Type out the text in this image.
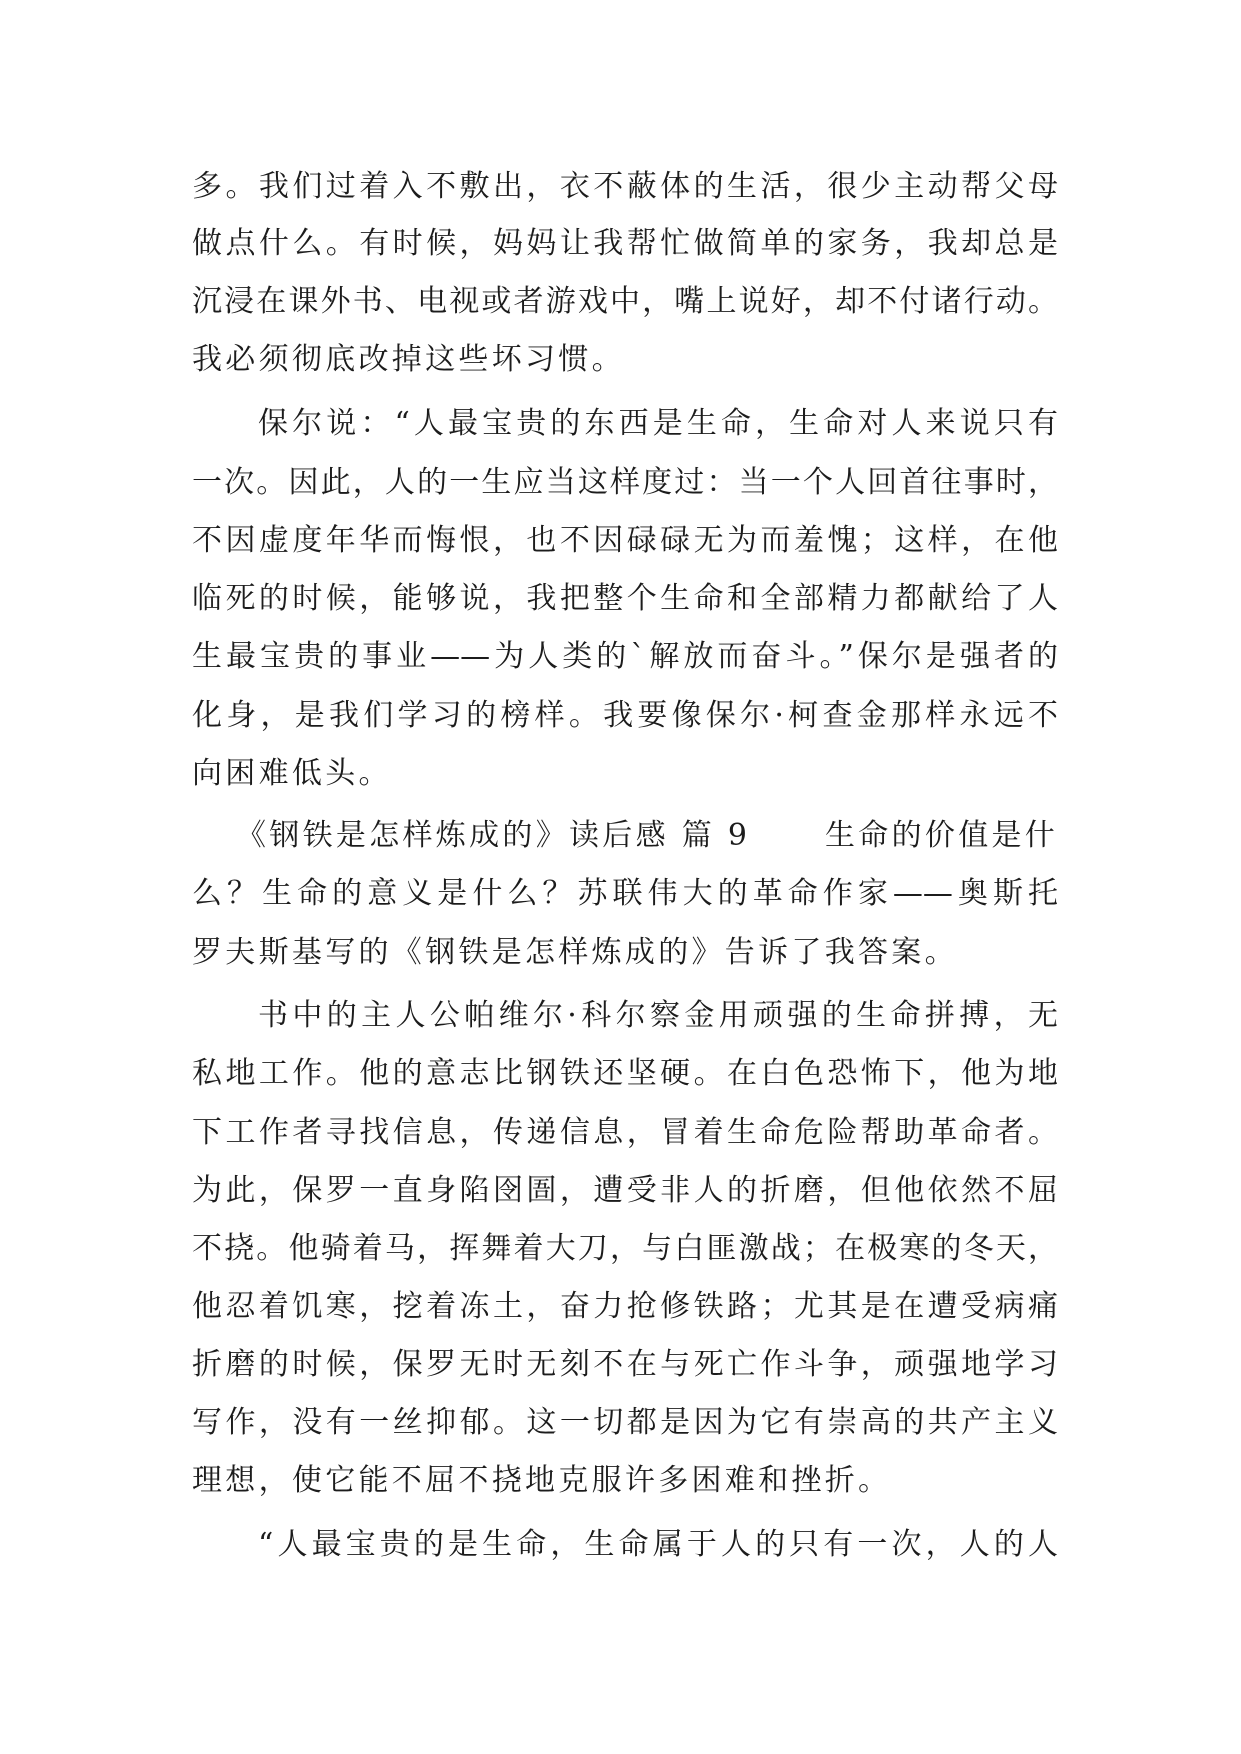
多。我们过着入不敷出，衣不蔽体的生活，很少主动帮父母
做点什么。有时候，妈妈让我帮忙做简单的家务，我却总是
沉浸在课外书、电视或者游戏中，嘴上说好，却不付诸行动。
我必须彻底改掉这些坏习惯。
保尔说：“人最宝贵的东西是生命，生命对人来说只有
一次。因此，人的一生应当这样度过：当一个人回首往事时，
不因虚度年华而悔恨，也不因碌碌无为而羞愧；这样，在他
临死的时候，能够说，我把整个生命和全部精力都献给了人
生最宝贵的事业——为人类的`解放而奋斗。”保尔是强者的
化身，是我们学习的榜样。我要像保尔·柯查金那样永远不
向困难低头。
《钢铁是怎样炼成的》读后感 篇 9	生命的价值是什
么？生命的意义是什么？苏联伟大的革命作家——奥斯托
罗夫斯基写的《钢铁是怎样炼成的》告诉了我答案。
书中的主人公帕维尔·科尔察金用顽强的生命拼搏，无
私地工作。他的意志比钢铁还坚硬。在白色恐怖下，他为地
下工作者寻找信息，传递信息，冒着生命危险帮助革命者。
为此，保罗一直身陷囹圄，遭受非人的折磨，但他依然不屈
不挠。他骑着马，挥舞着大刀，与白匪激战；在极寒的冬天，
他忍着饥寒，挖着冻土，奋力抢修铁路；尤其是在遭受病痛
折磨的时候，保罗无时无刻不在与死亡作斗争，顽强地学习
写作，没有一丝抑郁。这一切都是因为它有崇高的共产主义
理想，使它能不屈不挠地克服许多困难和挫折。
“人最宝贵的是生命，生命属于人的只有一次，人的人
